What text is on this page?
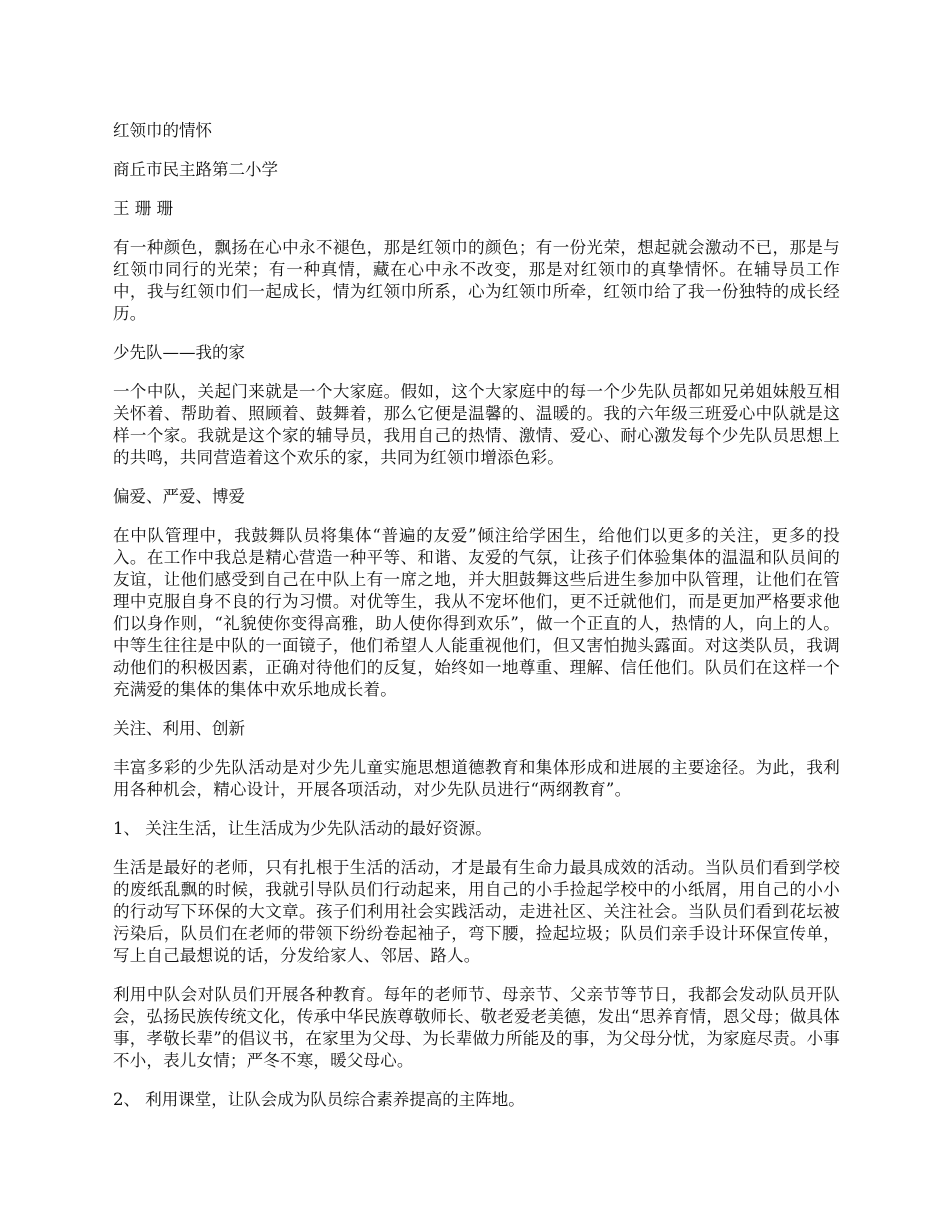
红领巾的情怀

商丘市民主路第二小学

王 珊 珊

有一种颜色，飘扬在心中永不褪色，那是红领巾的颜色；有一份光荣，想起就会激动不已，那是与红领巾同行的光荣；有一种真情，藏在心中永不改变，那是对红领巾的真挚情怀。在辅导员工作中，我与红领巾们一起成长，情为红领巾所系，心为红领巾所牵，红领巾给了我一份独特的成长经历。

少先队——我的家

一个中队，关起门来就是一个大家庭。假如，这个大家庭中的每一个少先队员都如兄弟姐妹般互相关怀着、帮助着、照顾着、鼓舞着，那么它便是温馨的、温暖的。我的六年级三班爱心中队就是这样一个家。我就是这个家的辅导员，我用自己的热情、激情、爱心、耐心激发每个少先队员思想上的共鸣，共同营造着这个欢乐的家，共同为红领巾增添色彩。

偏爱、严爱、博爱

在中队管理中，我鼓舞队员将集体“普遍的友爱”倾注给学困生，给他们以更多的关注，更多的投入。在工作中我总是精心营造一种平等、和谐、友爱的气氛，让孩子们体验集体的温温和队员间的友谊，让他们感受到自己在中队上有一席之地，并大胆鼓舞这些后进生参加中队管理，让他们在管理中克服自身不良的行为习惯。对优等生，我从不宠坏他们，更不迁就他们，而是更加严格要求他们以身作则，“礼貌使你变得高雅，助人使你得到欢乐”，做一个正直的人，热情的人，向上的人。中等生往往是中队的一面镜子，他们希望人人能重视他们，但又害怕抛头露面。对这类队员，我调动他们的积极因素，正确对待他们的反复，始终如一地尊重、理解、信任他们。队员们在这样一个充满爱的集体的集体中欢乐地成长着。

关注、利用、创新

丰富多彩的少先队活动是对少先儿童实施思想道德教育和集体形成和进展的主要途径。为此，我利用各种机会，精心设计，开展各项活动，对少先队员进行“两纲教育”。

1、 关注生活，让生活成为少先队活动的最好资源。

生活是最好的老师，只有扎根于生活的活动，才是最有生命力最具成效的活动。当队员们看到学校的废纸乱飘的时候，我就引导队员们行动起来，用自己的小手捡起学校中的小纸屑，用自己的小小的行动写下环保的大文章。孩子们利用社会实践活动，走进社区、关注社会。当队员们看到花坛被污染后，队员们在老师的带领下纷纷卷起袖子，弯下腰，捡起垃圾；队员们亲手设计环保宣传单，写上自己最想说的话，分发给家人、邻居、路人。

利用中队会对队员们开展各种教育。每年的老师节、母亲节、父亲节等节日，我都会发动队员开队会，弘扬民族传统文化，传承中华民族尊敬师长、敬老爱老美德，发出“思养育情，恩父母；做具体事，孝敬长辈”的倡议书，在家里为父母、为长辈做力所能及的事，为父母分忧，为家庭尽责。小事不小，表儿女情；严冬不寒，暖父母心。

2、 利用课堂，让队会成为队员综合素养提高的主阵地。
